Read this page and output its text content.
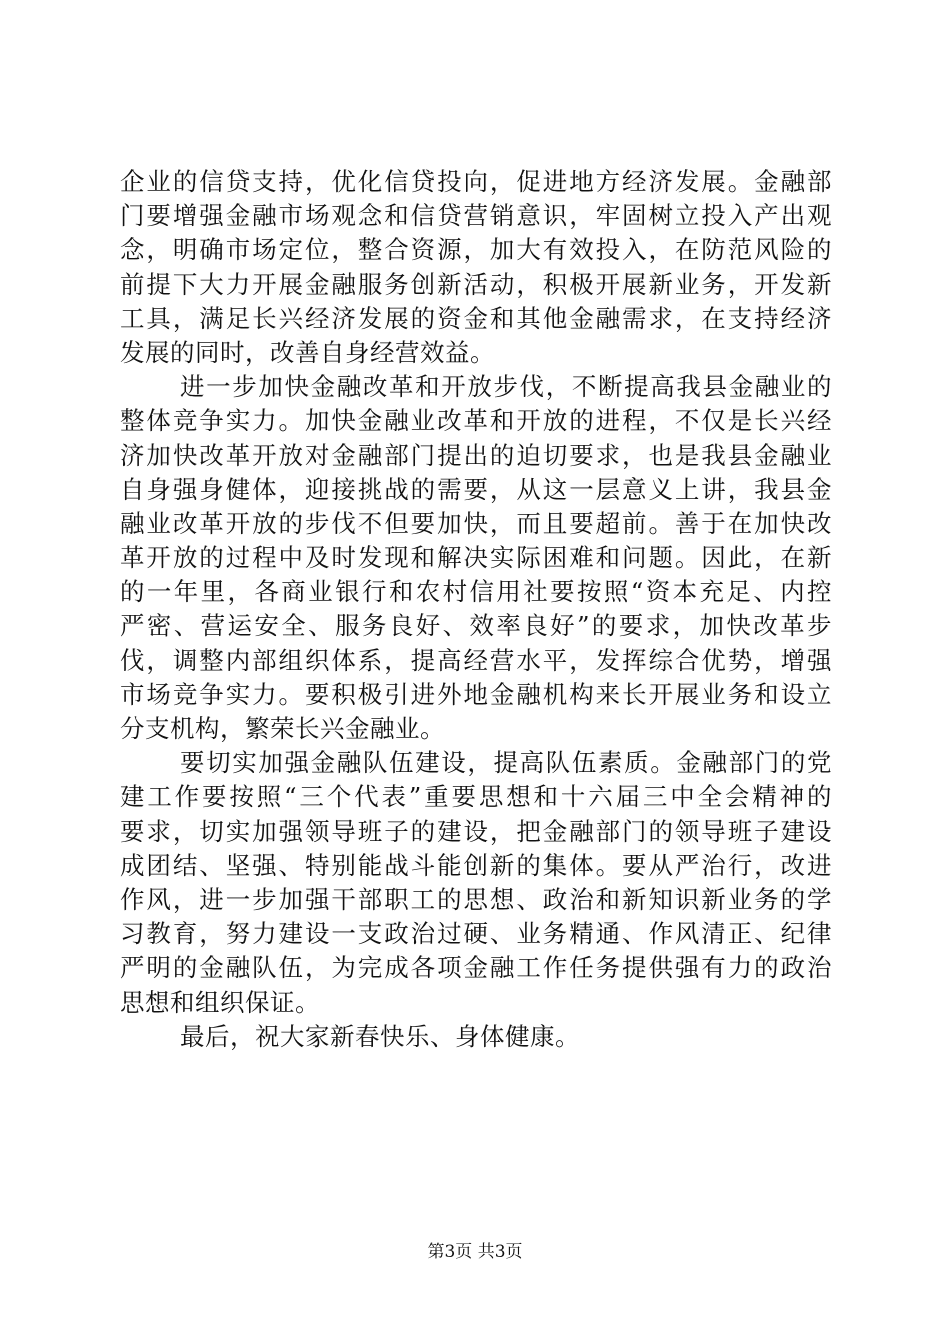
企业的信贷支持，优化信贷投向，促进地方经济发展。金融部
门要增强金融市场观念和信贷营销意识，牢固树立投入产出观
念，明确市场定位，整合资源，加大有效投入，在防范风险的
前提下大力开展金融服务创新活动，积极开展新业务，开发新
工具，满足长兴经济发展的资金和其他金融需求，在支持经济
发展的同时，改善自身经营效益。
进一步加快金融改革和开放步伐，不断提高我县金融业的
整体竞争实力。加快金融业改革和开放的进程，不仅是长兴经
济加快改革开放对金融部门提出的迫切要求，也是我县金融业
自身强身健体，迎接挑战的需要，从这一层意义上讲，我县金
融业改革开放的步伐不但要加快，而且要超前。善于在加快改
革开放的过程中及时发现和解决实际困难和问题。因此，在新
的一年里，各商业银行和农村信用社要按照“资本充足、内控
严密、营运安全、服务良好、效率良好”的要求，加快改革步
伐，调整内部组织体系，提高经营水平，发挥综合优势，增强
市场竞争实力。要积极引进外地金融机构来长开展业务和设立
分支机构，繁荣长兴金融业。
要切实加强金融队伍建设，提高队伍素质。金融部门的党
建工作要按照“三个代表”重要思想和十六届三中全会精神的
要求，切实加强领导班子的建设，把金融部门的领导班子建设
成团结、坚强、特别能战斗能创新的集体。要从严治行，改进
作风，进一步加强干部职工的思想、政治和新知识新业务的学
习教育，努力建设一支政治过硬、业务精通、作风清正、纪律
严明的金融队伍，为完成各项金融工作任务提供强有力的政治
思想和组织保证。
最后，祝大家新春快乐、身体健康。
第3页 共3页
